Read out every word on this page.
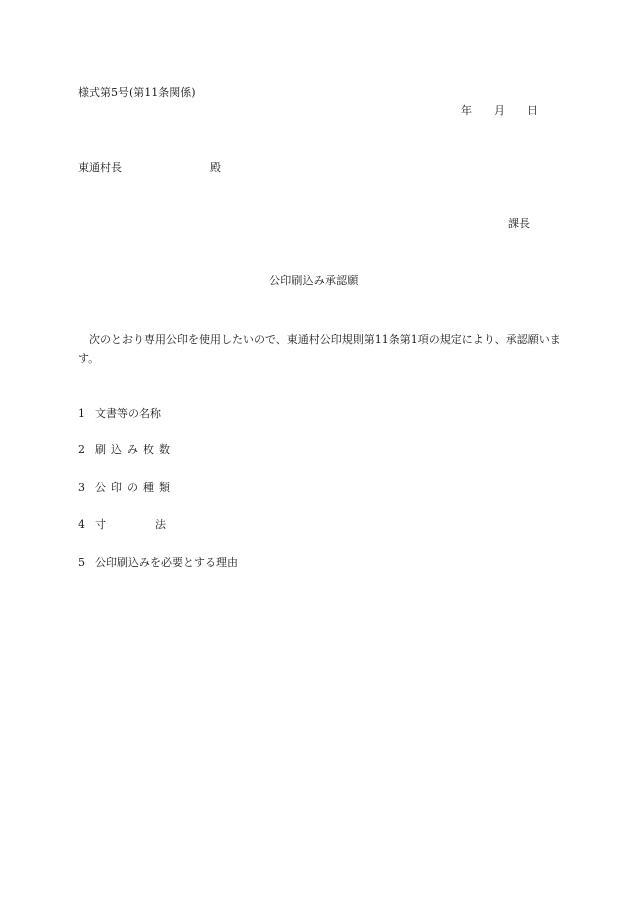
様式第5号(第11条関係)
年 月 日
東通村長	殿
課長
公印刷込み承認願
次のとおり専用公印を使用したいので、東通村公印規則第11条第1項の規定により、承認願います。
1 文書等の名称
2 刷込み枚数
3 公印の種類
4 寸	法
5 公印刷込みを必要とする理由
